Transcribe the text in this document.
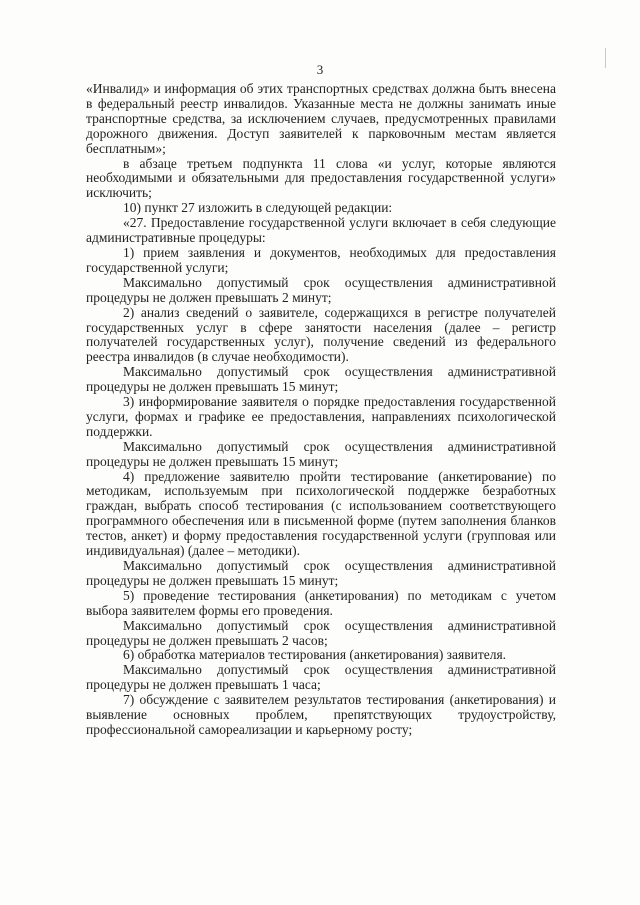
3

«Инвалид» и информация об этих транспортных средствах должна быть внесена в федеральный реестр инвалидов. Указанные места не должны занимать иные транспортные средства, за исключением случаев, предусмотренных правилами дорожного движения. Доступ заявителей к парковочным местам является бесплатным»;

в абзаце третьем подпункта 11 слова «и услуг, которые являются необходимыми и обязательными для предоставления государственной услуги» исключить;

10) пункт 27 изложить в следующей редакции:

«27. Предоставление государственной услуги включает в себя следующие административные процедуры:

1) прием заявления и документов, необходимых для предоставления государственной услуги;

Максимально допустимый срок осуществления административной процедуры не должен превышать 2 минут;

2) анализ сведений о заявителе, содержащихся в регистре получателей государственных услуг в сфере занятости населения (далее – регистр получателей государственных услуг), получение сведений из федерального реестра инвалидов (в случае необходимости).

Максимально допустимый срок осуществления административной процедуры не должен превышать 15 минут;

3) информирование заявителя о порядке предоставления государственной услуги, формах и графике ее предоставления, направлениях психологической поддержки.

Максимально допустимый срок осуществления административной процедуры не должен превышать 15 минут;

4) предложение заявителю пройти тестирование (анкетирование) по методикам, используемым при психологической поддержке безработных граждан, выбрать способ тестирования (с использованием соответствующего программного обеспечения или в письменной форме (путем заполнения бланков тестов, анкет) и форму предоставления государственной услуги (групповая или индивидуальная) (далее – методики).

Максимально допустимый срок осуществления административной процедуры не должен превышать 15 минут;

5) проведение тестирования (анкетирования) по методикам с учетом выбора заявителем формы его проведения.

Максимально допустимый срок осуществления административной процедуры не должен превышать 2 часов;

6) обработка материалов тестирования (анкетирования) заявителя.

Максимально допустимый срок осуществления административной процедуры не должен превышать 1 часа;

7) обсуждение с заявителем результатов тестирования (анкетирования) и выявление основных проблем, препятствующих трудоустройству, профессиональной самореализации и карьерному росту;
